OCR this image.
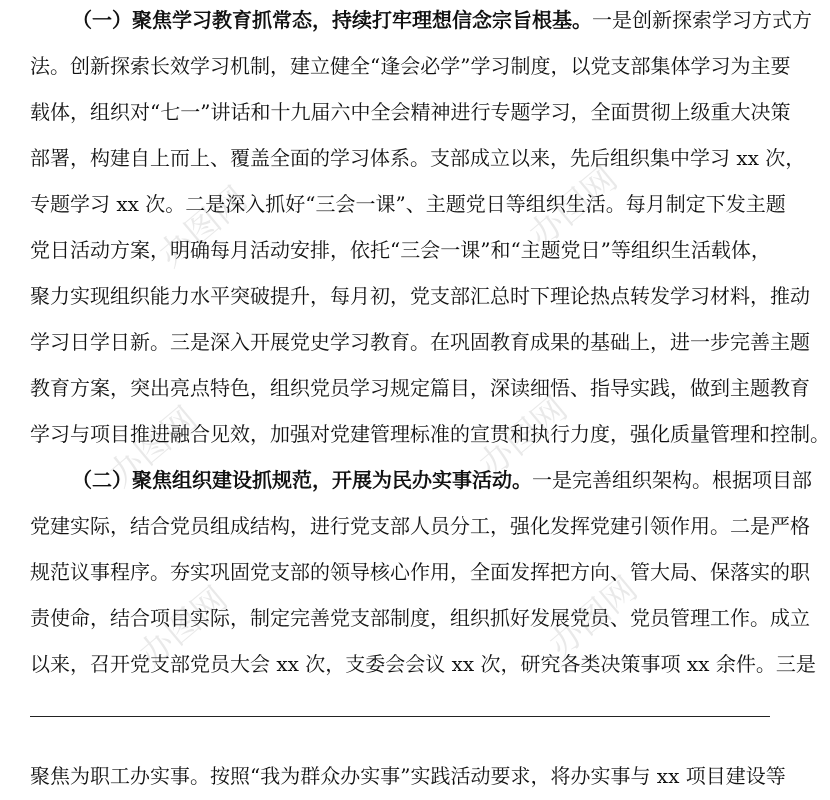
办图网	办图网
办图网	办图网
办图网	办图网
（一）聚焦学习教育抓常态，持续打牢理想信念宗旨根基。一是创新探索学习方式方
法。创新探索长效学习机制，建立健全“逢会必学”学习制度，以党支部集体学习为主要
载体，组织对“七一”讲话和十九届六中全会精神进行专题学习，全面贯彻上级重大决策
部署，构建自上而上、覆盖全面的学习体系。支部成立以来，先后组织集中学习 xx 次，
专题学习 xx 次。二是深入抓好“三会一课”、主题党日等组织生活。每月制定下发主题
党日活动方案，明确每月活动安排，依托“三会一课”和“主题党日”等组织生活载体，
聚力实现组织能力水平突破提升，每月初，党支部汇总时下理论热点转发学习材料，推动
学习日学日新。三是深入开展党史学习教育。在巩固教育成果的基础上，进一步完善主题
教育方案，突出亮点特色，组织党员学习规定篇目，深读细悟、指导实践，做到主题教育
学习与项目推进融合见效，加强对党建管理标准的宣贯和执行力度，强化质量管理和控制。
（二）聚焦组织建设抓规范，开展为民办实事活动。一是完善组织架构。根据项目部
党建实际，结合党员组成结构，进行党支部人员分工，强化发挥党建引领作用。二是严格
规范议事程序。夯实巩固党支部的领导核心作用，全面发挥把方向、管大局、保落实的职
责使命，结合项目实际，制定完善党支部制度，组织抓好发展党员、党员管理工作。成立
以来，召开党支部党员大会 xx 次，支委会会议 xx 次，研究各类决策事项 xx 余件。三是
聚焦为职工办实事。按照“我为群众办实事”实践活动要求，将办实事与 xx 项目建设等
